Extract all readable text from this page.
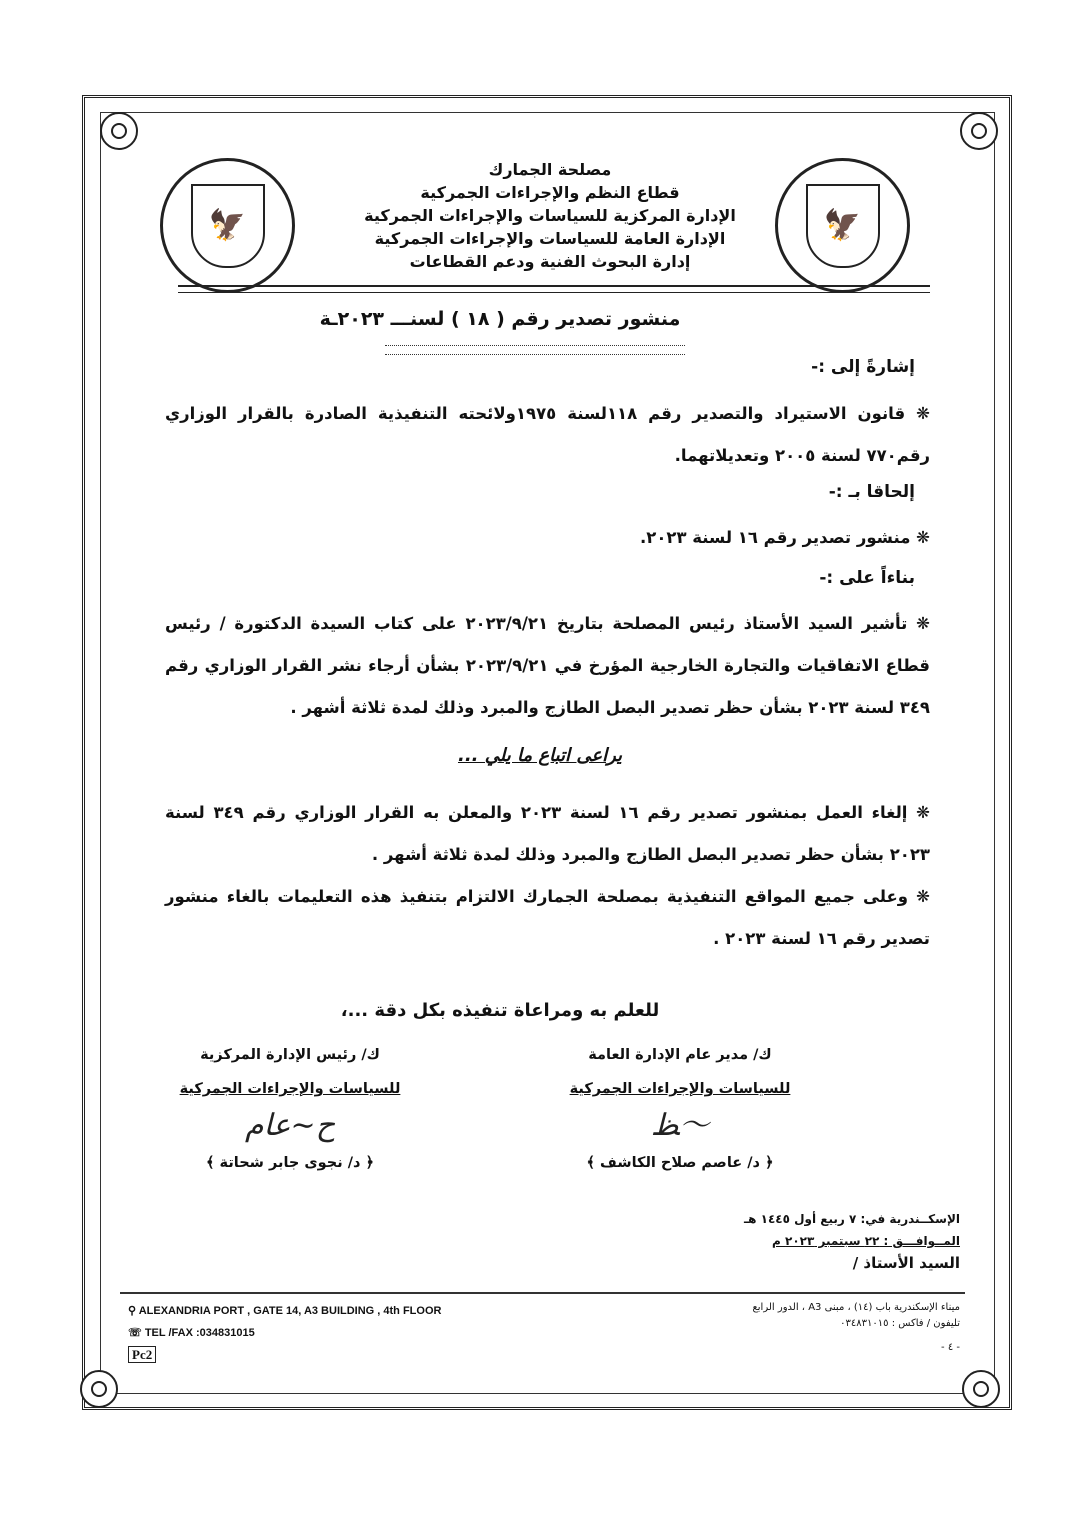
🦅	🦅
مصلحة الجمارك
قطاع النظم والإجراءات الجمركية
الإدارة المركزية للسياسات والإجراءات الجمركية
الإدارة العامة للسياسات والإجراءات الجمركية
إدارة البحوث الفنية ودعم القطاعات
منشور تصدير رقم ( ١٨ ) لسنـــ ٢٠٢٣ـة
إشارةً إلى :-
❋ قانون الاستيراد والتصدير رقم ١١٨لسنة ١٩٧٥ولائحته التنفيذية الصادرة بالقرار الوزاري رقم٧٧٠ لسنة ٢٠٠٥ وتعديلاتهما.
إلحاقا بـ :-
❋ منشور تصدير رقم ١٦ لسنة ٢٠٢٣.
بناءاً على :-
❋ تأشير السيد الأستاذ رئيس المصلحة بتاريخ ٢٠٢٣/٩/٢١ على كتاب السيدة الدكتورة / رئيس قطاع الاتفاقيات والتجارة الخارجية المؤرخ في ٢٠٢٣/٩/٢١ بشأن أرجاء نشر القرار الوزاري رقم ٣٤٩ لسنة ٢٠٢٣ بشأن حظر تصدير البصل الطازج والمبرد وذلك لمدة ثلاثة أشهر .
يراعى اتباع ما يلي ...
❋ إلغاء العمل بمنشور تصدير رقم ١٦ لسنة ٢٠٢٣ والمعلن به القرار الوزاري رقم ٣٤٩ لسنة ٢٠٢٣ بشأن حظر تصدير البصل الطازج والمبرد وذلك لمدة ثلاثة أشهر .
❋ وعلى جميع المواقع التنفيذية بمصلحة الجمارك الالتزام بتنفيذ هذه التعليمات بالغاء منشور تصدير رقم ١٦ لسنة ٢٠٢٣ .
للعلم به ومراعاة تنفيذه بكل دقة ...،
ك/ مدير عام الإدارة العامة
للسياسات والإجراءات الجمركية
〜ﻆ
﴿ د/ عاصم صلاح الكاشف ﴾
ك/ رئيس الإدارة المركزية
للسياسات والإجراءات الجمركية
ح∽عام
﴿ د/ نجوى جابر شحاتة ﴾
الإسكــندرية في: ٧ ربيع أول ١٤٤٥ هـ
المــوافـــق : ٢٢ سبتمبر ٢٠٢٣ م
السيد الأستاذ /
⚲ ALEXANDRIA PORT , GATE 14, A3 BUILDING , 4th FLOOR
☏ TEL /FAX :034831015
Pc2
ميناء الإسكندرية باب (١٤) ، مبنى A3 ، الدور الرابع
تليفون / فاكس : ٠٣٤٨٣١٠١٥
- ٤ -
